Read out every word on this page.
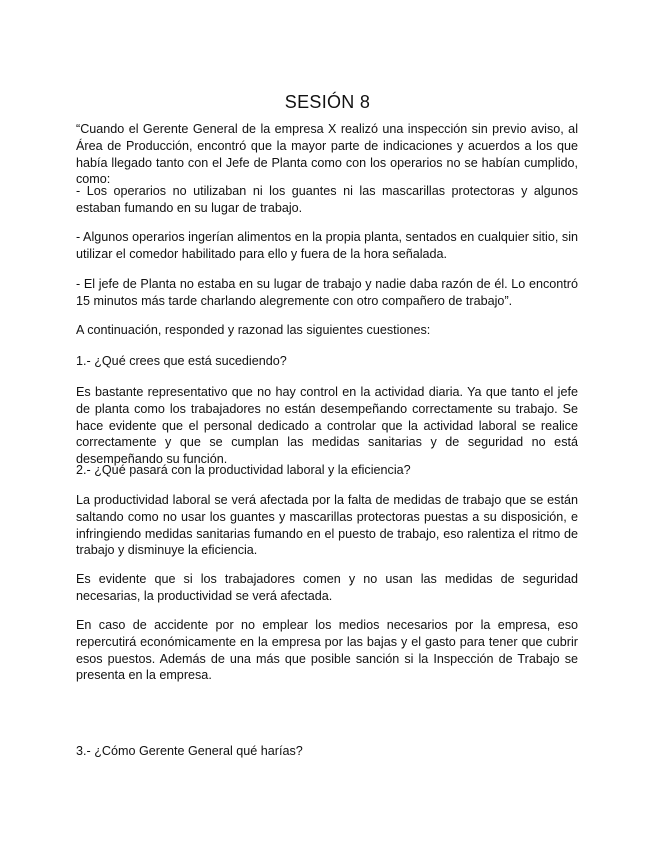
SESIÓN 8
“Cuando el Gerente General de la empresa X realizó una inspección sin previo aviso, al Área de Producción, encontró que la mayor parte de indicaciones y acuerdos a los que había llegado tanto con el Jefe de Planta como con los operarios no se habían cumplido, como:
- Los operarios no utilizaban ni los guantes ni las mascarillas protectoras y algunos estaban fumando en su lugar de trabajo.
- Algunos operarios ingerían alimentos en la propia planta, sentados en cualquier sitio, sin utilizar el comedor habilitado para ello y fuera de la hora señalada.
- El jefe de Planta no estaba en su lugar de trabajo y nadie daba razón de él. Lo encontró 15 minutos más tarde charlando alegremente con otro compañero de trabajo”.
A continuación, responded y razonad las siguientes cuestiones:
1.- ¿Qué crees que está sucediendo?
Es bastante representativo que no hay control en la actividad diaria. Ya que tanto el jefe de planta como los trabajadores no están desempeñando correctamente su trabajo. Se hace evidente que el personal dedicado a controlar que la actividad laboral se realice correctamente y que se cumplan las medidas sanitarias y de seguridad no está desempeñando su función.
2.- ¿Qué pasará con la productividad laboral y la eficiencia?
La productividad laboral se verá afectada por la falta de medidas de trabajo que se están saltando como no usar los guantes y mascarillas protectoras puestas a su disposición, e infringiendo medidas sanitarias fumando en el puesto de trabajo, eso ralentiza el ritmo de trabajo y disminuye la eficiencia.
Es evidente que si los trabajadores comen y no usan las medidas de seguridad necesarias, la productividad se verá afectada.
En caso de accidente por no emplear los medios necesarios por la empresa, eso repercutirá económicamente en la empresa por las bajas y el gasto para tener que cubrir esos puestos. Además de una más que posible sanción si la Inspección de Trabajo se presenta en la empresa.
3.- ¿Cómo Gerente General qué harías?
